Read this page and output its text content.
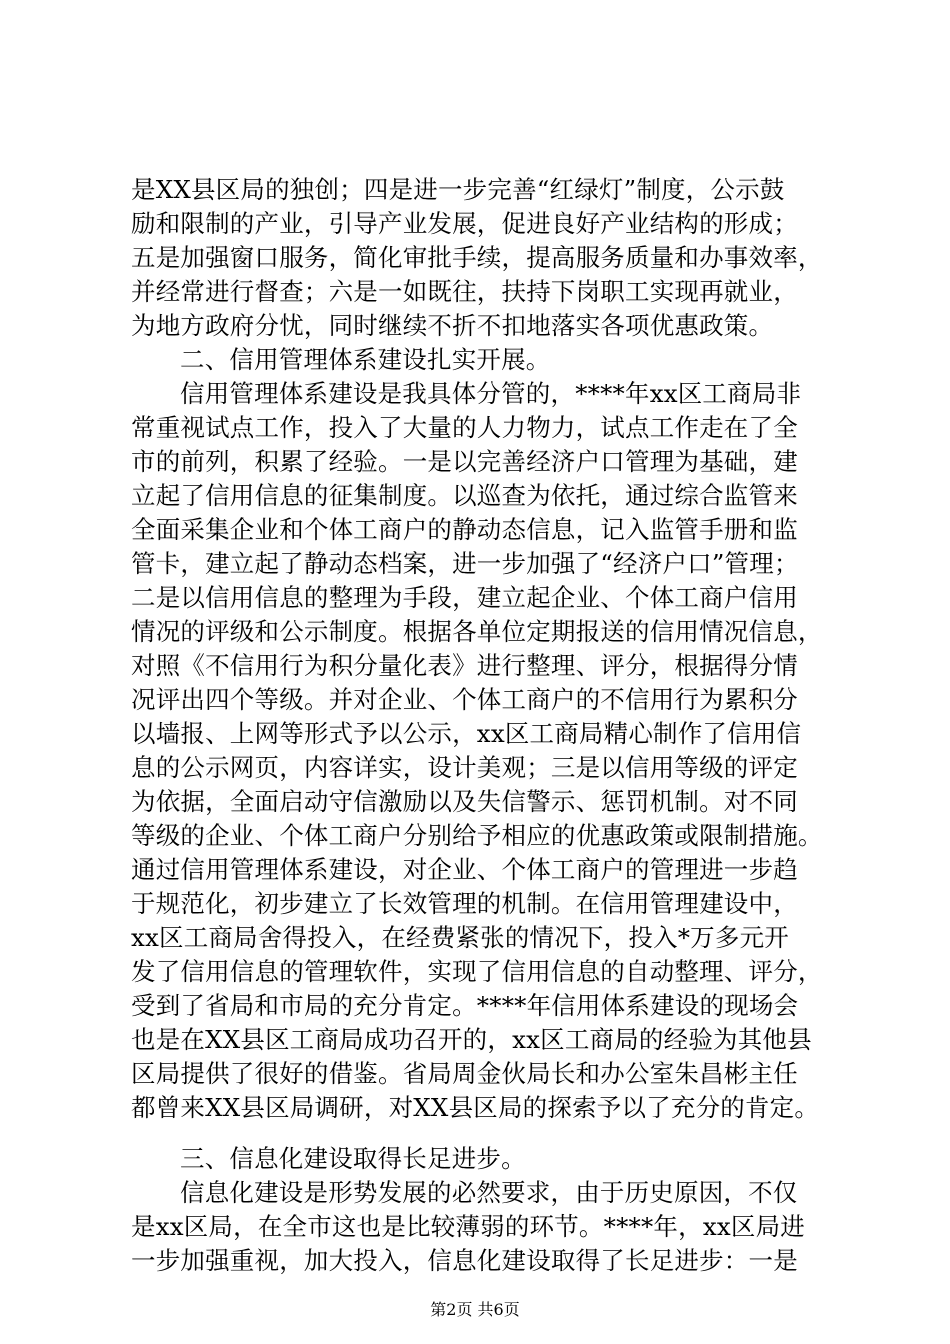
是XX县区局的独创；四是进一步完善“红绿灯”制度，公示鼓
励和限制的产业，引导产业发展，促进良好产业结构的形成；
五是加强窗口服务，简化审批手续，提高服务质量和办事效率，
并经常进行督查；六是一如既往，扶持下岗职工实现再就业，
为地方政府分忧，同时继续不折不扣地落实各项优惠政策。
二、信用管理体系建设扎实开展。
信用管理体系建设是我具体分管的，****年xx区工商局非
常重视试点工作，投入了大量的人力物力，试点工作走在了全
市的前列，积累了经验。一是以完善经济户口管理为基础，建
立起了信用信息的征集制度。以巡查为依托，通过综合监管来
全面采集企业和个体工商户的静动态信息，记入监管手册和监
管卡，建立起了静动态档案，进一步加强了“经济户口”管理；
二是以信用信息的整理为手段，建立起企业、个体工商户信用
情况的评级和公示制度。根据各单位定期报送的信用情况信息，
对照《不信用行为积分量化表》进行整理、评分，根据得分情
况评出四个等级。并对企业、个体工商户的不信用行为累积分
以墙报、上网等形式予以公示，xx区工商局精心制作了信用信
息的公示网页，内容详实，设计美观；三是以信用等级的评定
为依据，全面启动守信激励以及失信警示、惩罚机制。对不同
等级的企业、个体工商户分别给予相应的优惠政策或限制措施。
通过信用管理体系建设，对企业、个体工商户的管理进一步趋
于规范化，初步建立了长效管理的机制。在信用管理建设中，
xx区工商局舍得投入，在经费紧张的情况下，投入*万多元开
发了信用信息的管理软件，实现了信用信息的自动整理、评分，
受到了省局和市局的充分肯定。****年信用体系建设的现场会
也是在XX县区工商局成功召开的，xx区工商局的经验为其他县
区局提供了很好的借鉴。省局周金伙局长和办公室朱昌彬主任
都曾来XX县区局调研，对XX县区局的探索予以了充分的肯定。
三、信息化建设取得长足进步。
信息化建设是形势发展的必然要求，由于历史原因，不仅
是xx区局，在全市这也是比较薄弱的环节。****年，xx区局进
一步加强重视，加大投入，信息化建设取得了长足进步：一是
第2页 共6页
